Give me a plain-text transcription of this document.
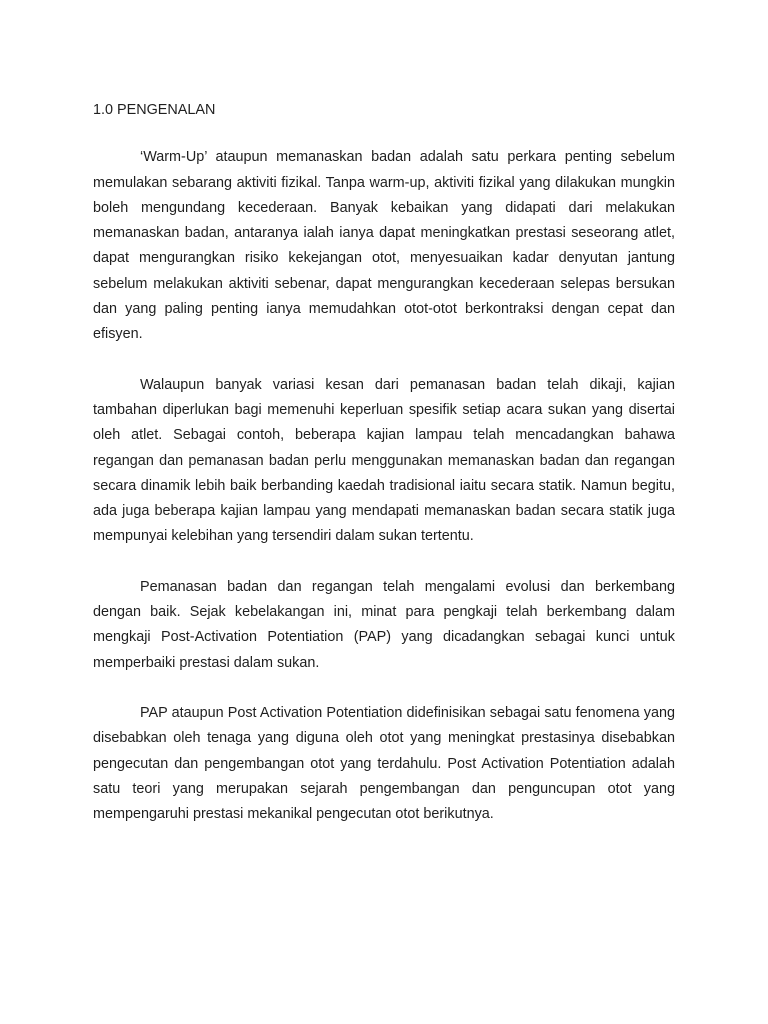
1.0 PENGENALAN

‘Warm-Up’ ataupun memanaskan badan adalah satu perkara penting sebelum memulakan sebarang aktiviti fizikal. Tanpa warm-up, aktiviti fizikal yang dilakukan mungkin boleh mengundang kecederaan. Banyak kebaikan yang didapati dari melakukan memanaskan badan, antaranya ialah ianya dapat meningkatkan prestasi seseorang atlet, dapat mengurangkan risiko kekejangan otot, menyesuaikan kadar denyutan jantung sebelum melakukan aktiviti sebenar, dapat mengurangkan kecederaan selepas bersukan dan yang paling penting ianya memudahkan otot-otot berkontraksi dengan cepat dan efisyen.

Walaupun banyak variasi kesan dari pemanasan badan telah dikaji, kajian tambahan diperlukan bagi memenuhi keperluan spesifik setiap acara sukan yang disertai oleh atlet. Sebagai contoh, beberapa kajian lampau telah mencadangkan bahawa regangan dan pemanasan badan perlu menggunakan memanaskan badan dan regangan secara dinamik lebih baik berbanding kaedah tradisional iaitu secara statik. Namun begitu, ada juga beberapa kajian lampau yang mendapati memanaskan badan secara statik juga mempunyai kelebihan yang tersendiri dalam sukan tertentu.

Pemanasan badan dan regangan telah mengalami evolusi dan berkembang dengan baik. Sejak kebelakangan ini, minat para pengkaji telah berkembang dalam mengkaji Post-Activation Potentiation (PAP) yang dicadangkan sebagai kunci untuk memperbaiki prestasi dalam sukan.

PAP ataupun Post Activation Potentiation didefinisikan sebagai satu fenomena yang disebabkan oleh tenaga yang diguna oleh otot yang meningkat prestasinya disebabkan pengecutan dan pengembangan otot yang terdahulu. Post Activation Potentiation adalah satu teori yang merupakan sejarah pengembangan dan penguncupan otot yang mempengaruhi prestasi mekanikal pengecutan otot berikutnya.
